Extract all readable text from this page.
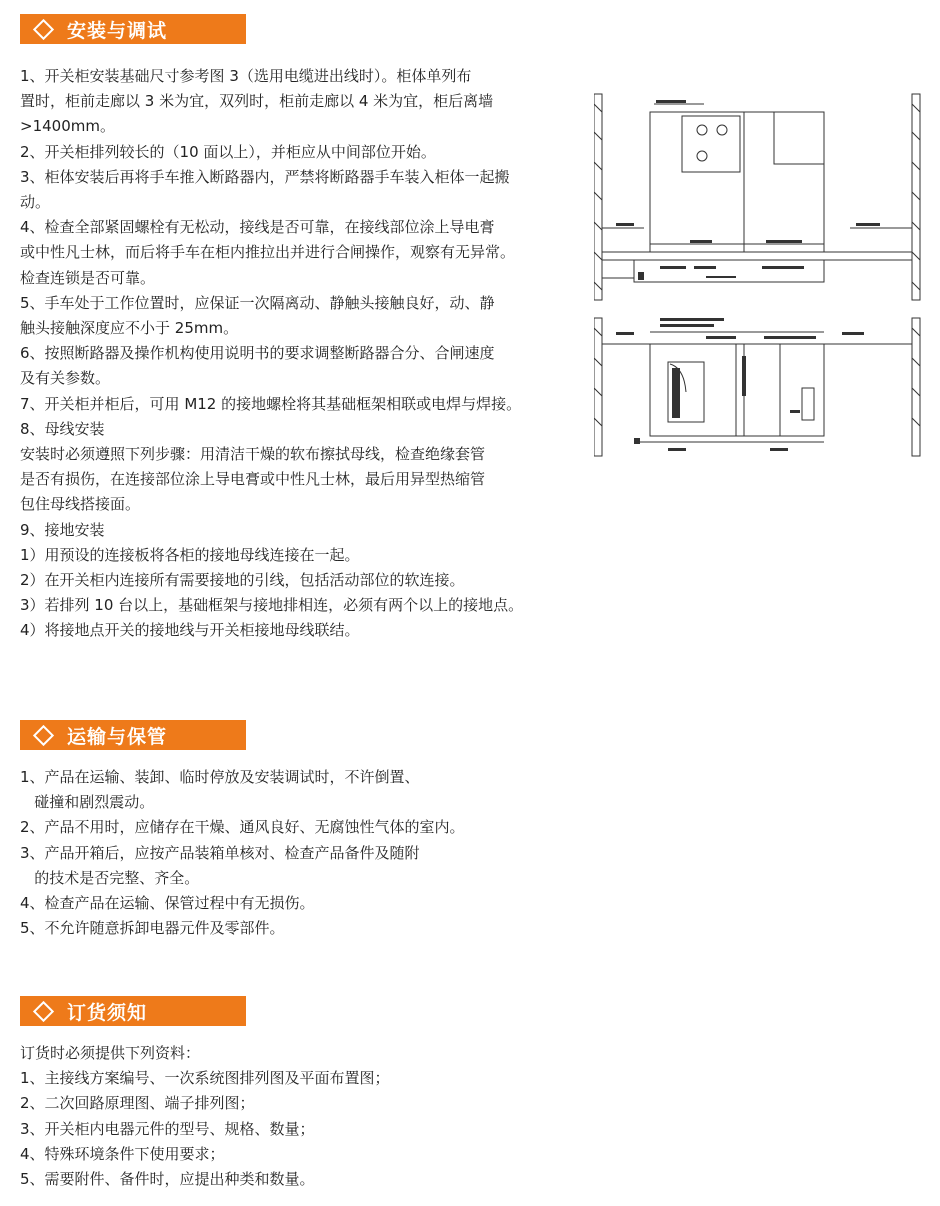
安装与调试

1、开关柜安装基础尺寸参考图 3（选用电缆进出线时）。柜体单列布

置时，柜前走廊以 3 米为宜，双列时，柜前走廊以 4 米为宜，柜后离墙

>1400mm。

2、开关柜排列较长的（10 面以上），并柜应从中间部位开始。

3、柜体安装后再将手车推入断路器内，严禁将断路器手车装入柜体一起搬

动。

4、检查全部紧固螺栓有无松动，接线是否可靠，在接线部位涂上导电膏

或中性凡士林，而后将手车在柜内推拉出并进行合闸操作，观察有无异常。

检查连锁是否可靠。

5、手车处于工作位置时，应保证一次隔离动、静触头接触良好，动、静

触头接触深度应不小于 25mm。

6、按照断路器及操作机构使用说明书的要求调整断路器合分、合闸速度

及有关参数。

7、开关柜并柜后，可用 M12 的接地螺栓将其基础框架相联或电焊与焊接。

8、母线安装

安装时必须遵照下列步骤：用清洁干燥的软布擦拭母线，检查绝缘套管

是否有损伤，在连接部位涂上导电膏或中性凡士林，最后用异型热缩管

包住母线搭接面。

9、接地安装

1）用预设的连接板将各柜的接地母线连接在一起。

2）在开关柜内连接所有需要接地的引线，包括活动部位的软连接。

3）若排列 10 台以上，基础框架与接地排相连，必须有两个以上的接地点。

4）将接地点开关的接地线与开关柜接地母线联结。

运输与保管

1、产品在运输、装卸、临时停放及安装调试时，不许倒置、

碰撞和剧烈震动。

2、产品不用时，应储存在干燥、通风良好、无腐蚀性气体的室内。

3、产品开箱后，应按产品装箱单核对、检查产品备件及随附

的技术是否完整、齐全。

4、检查产品在运输、保管过程中有无损伤。

5、不允许随意拆卸电器元件及零部件。

订货须知

订货时必须提供下列资料：

1、主接线方案编号、一次系统图排列图及平面布置图；

2、二次回路原理图、端子排列图；

3、开关柜内电器元件的型号、规格、数量；

4、特殊环境条件下使用要求；

5、需要附件、备件时，应提出种类和数量。
